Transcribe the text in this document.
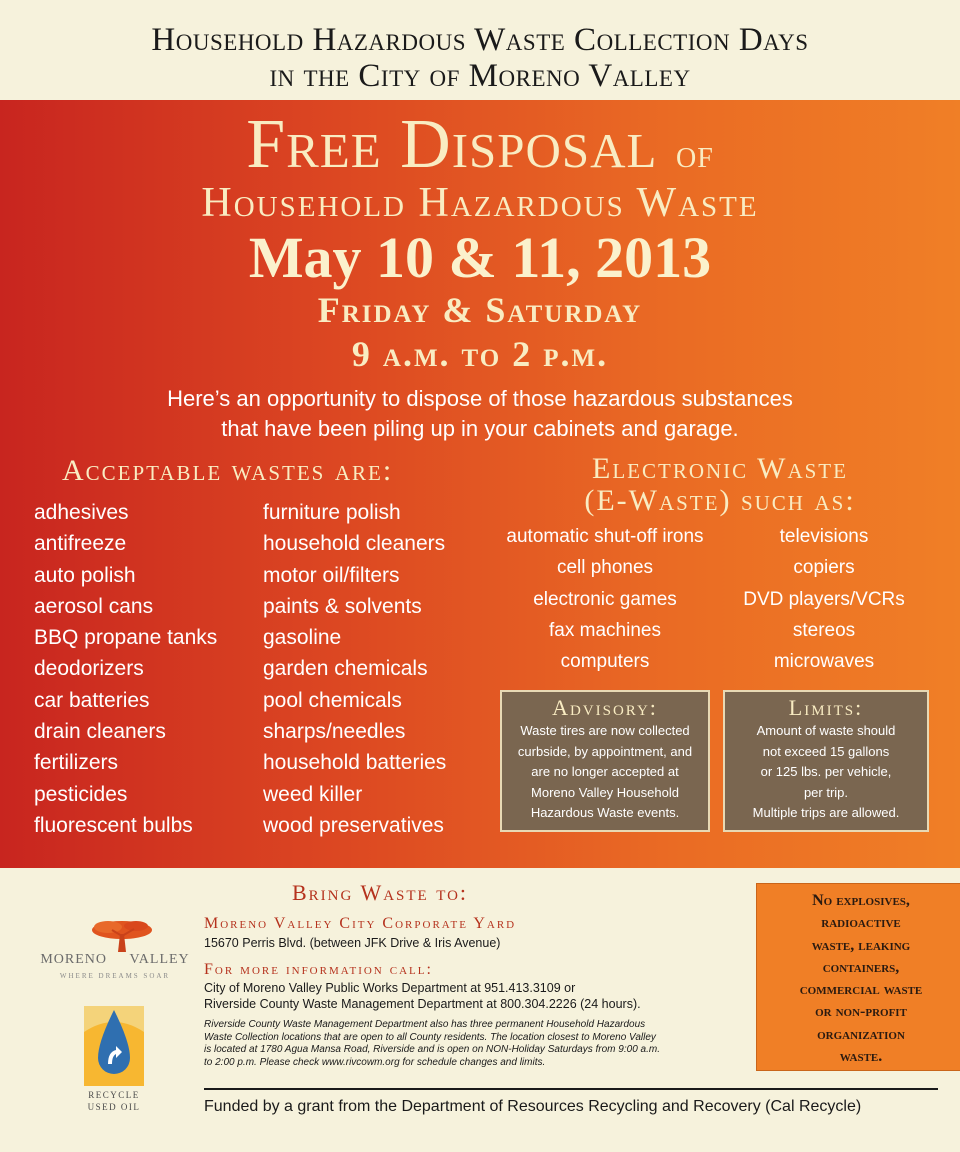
Household Hazardous Waste Collection Days
in the City of Moreno Valley
Free Disposal of
Household Hazardous Waste
May 10 & 11, 2013
Friday & Saturday
9 a.m. to 2 p.m.
Here’s an opportunity to dispose of those hazardous substances
that have been piling up in your cabinets and garage.
Acceptable wastes are:
adhesives
antifreeze
auto polish
aerosol cans
BBQ propane tanks
deodorizers
car batteries
drain cleaners
fertilizers
pesticides
fluorescent bulbs
furniture polish
household cleaners
motor oil/filters
paints & solvents
gasoline
garden chemicals
pool chemicals
sharps/needles
household batteries
weed killer
wood preservatives
Electronic Waste
(E-Waste) such as:
automatic shut-off irons
cell phones
electronic games
fax machines
computers
televisions
copiers
DVD players/VCRs
stereos
microwaves
Advisory:
Waste tires are now collected
curbside, by appointment, and
are no longer accepted at
Moreno Valley Household
Hazardous Waste events.
Limits:
Amount of waste should
not exceed 15 gallons
or 125 lbs. per vehicle,
per trip.
Multiple trips are allowed.
Bring Waste to:
Moreno Valley City Corporate Yard
15670 Perris Blvd. (between JFK Drive & Iris Avenue)
For more information call:
City of Moreno Valley Public Works Department at 951.413.3109 or
Riverside County Waste Management Department at 800.304.2226 (24 hours).
Riverside County Waste Management Department also has three permanent Household Hazardous
Waste Collection locations that are open to all County residents. The location closest to Moreno Valley
is located at 1780 Agua Mansa Road, Riverside and is open on NON-Holiday Saturdays from 9:00 a.m.
to 2:00 p.m. Please check www.rivcowm.org for schedule changes and limits.
No explosives,
radioactive
waste, leaking
containers,
commercial waste
or non-profit
organization
waste.
Funded by a grant from the Department of Resources Recycling and Recovery (Cal Recycle)
MORENO VALLEY
WHERE DREAMS SOAR
RECYCLE
USED OIL
